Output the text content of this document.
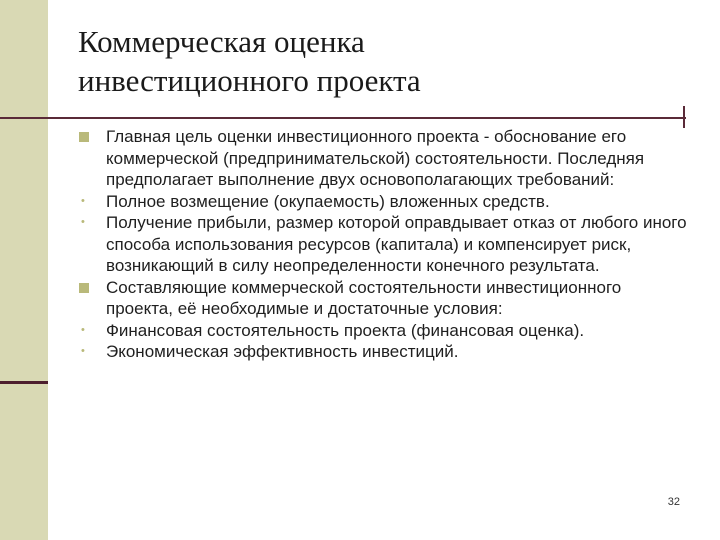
Коммерческая оценка
инвестиционного проекта
Главная цель оценки инвестиционного проекта - обоснование его коммерческой (предпринимательской) состоятельности. Последняя предполагает выполнение двух основополагающих требований:
• Полное возмещение (окупаемость) вложенных средств.
• Получение прибыли, размер которой оправдывает отказ от любого иного способа использования ресурсов (капитала) и компенсирует риск, возникающий в силу неопределенности конечного результата.
Составляющие коммерческой состоятельности инвестиционного проекта, её необходимые и достаточные условия:
• Финансовая состоятельность проекта (финансовая оценка).
• Экономическая эффективность инвестиций.
32
